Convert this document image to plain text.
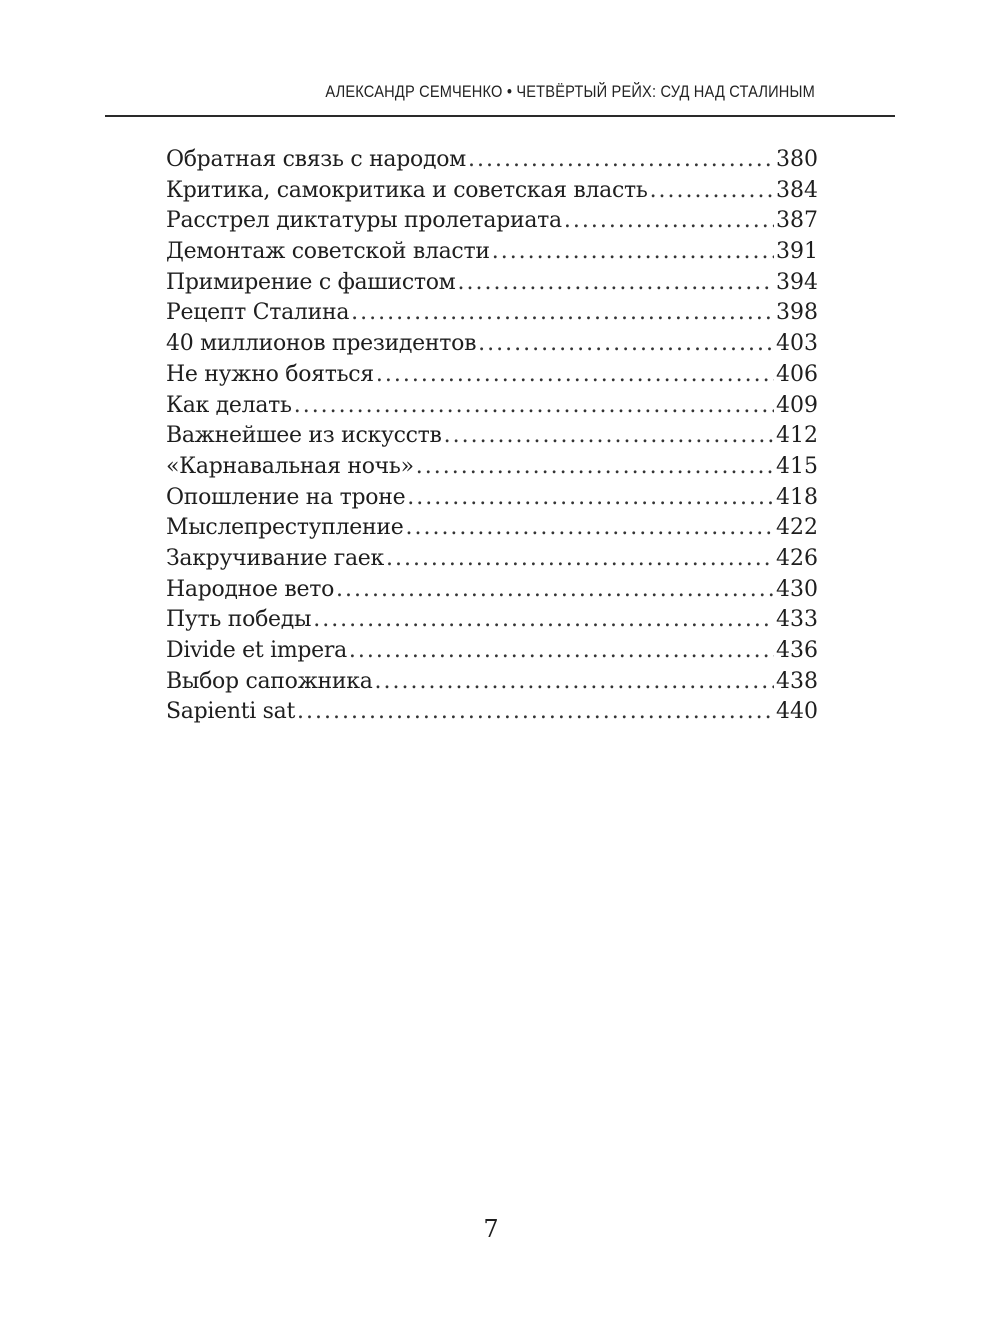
АЛЕКСАНДР СЕМЧЕНКО • ЧЕТВЁРТЫЙ РЕЙХ: СУД НАД СТАЛИНЫМ
Обратная связь с народом .....	380
Критика, самокритика и советская власть .....	384
Расстрел диктатуры пролетариата .....	387
Демонтаж советской власти .....	391
Примирение с фашистом .....	394
Рецепт Сталина .....	398
40 миллионов президентов .....	403
Не нужно бояться .....	406
Как делать .....	409
Важнейшее из искусств .....	412
«Карнавальная ночь» .....	415
Опошление на троне .....	418
Мыслепреступление .....	422
Закручивание гаек .....	426
Народное вето .....	430
Путь победы .....	433
Divide et impera .....	436
Выбор сапожника .....	438
Sapienti sat .....	440
7
